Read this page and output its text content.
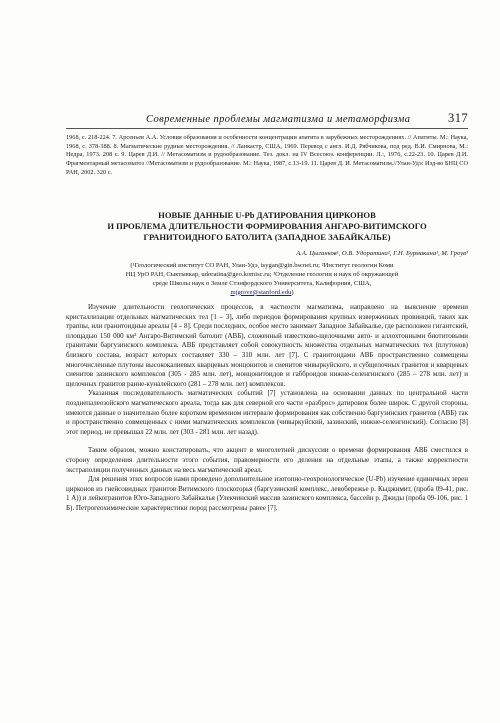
Современные проблемы магматизма и метаморфизма	317

1968, с. 218-224. 7. Арсеньев А.А. Условия образования и особенности концентрации апатита в зарубежных месторождениях. // Апатиты. М.: Наука, 1968, с. 378-388. 8. Магматические рудные месторождения. // Ланкастр, США, 1969. Перевод с англ. И.Д. Рябчикова, под ред. В.И. Смирнова, М.: Недра, 1973. 208 с. 9. Царев Д.И. // Метасоматизм и рудообразование. Тез. докл. на IV Всесоюз. конференции. Л.:, 1976, с.22-23. 10. Царев Д.И. Фрагментарный метасоматоз //Метасоматизм и рудообразование. М.: Наука, 1987, с.13-19. 11. Царев Д. И. Метасоматизм.//Улан-Удэ: Изд-во БНЦ СО РАН, 2002. 320 с.

НОВЫЕ ДАННЫЕ U-Pb ДАТИРОВАНИЯ ЦИРКОНОВ
И ПРОБЛЕМА ДЛИТЕЛЬНОСТИ ФОРМИРОВАНИЯ АНГАРО-ВИТИМСКОГО
ГРАНИТОИДНОГО БАТОЛИТА (ЗАПАДНОЕ ЗАБАЙКАЛЬЕ)
А.А. Цыганков¹, О.В. Удоратина², Г.Н. Бурмакина¹, М. Гроув³
(¹Геологический институт СО РАН, Улан-Удэ, tsygan@gin.bscnet.ru; ²Институт геологии Коми
НЦ УрО РАН, Сыктывкар, udoratina@geo.komisc.ru; ³Отделение геологии и наук об окружающей
среде Школы наук о Земле Стэнфордского Университета, Калифорния, США,
mjgrove@stanford.edu)

Изучение длительности геологических процессов, в частности магматизма, направлено на выяснение времени кристаллизации отдельных магматических тел [1 – 3], либо периодов формирования крупных изверженных провинций, таких как траппы, или гранитоидные ареалы [4 – 8]. Среди последних, особое место занимает Западное Забайкалье, где расположен гигантский, площадью 150 000 км² Ангаро-Витимский батолит (АВБ), сложенный известково-щелочными авто- и аллохтонными биотитовыми гранитами баргузинского комплекса. АВБ представляет собой совокупность множества отдельных магматических тел (плутонов) близкого состава, возраст которых составляет 330 – 310 млн. лет [7]. С гранитоидами АВБ пространственно совмещены многочисленные плутоны высококалиевых кварцевых монцонитов и сиенитов чивыркуйского, и субщелочных гранитов и кварцевых сиенитов зазинского комплексов (305 - 285 млн. лет), монцонитоидов и габброидов нижне-селенгинского (285 – 278 млн. лет) и щелочных гранитов ранне-куналейского (281 – 278 млн. лет) комплексов.

Указанная последовательность магматических событий [7] установлена на основании данных по центральной части позднепалеозойского магматического ареала, тогда как для северной его части «разброс» датировок более широк. С другой стороны, имеются данные о значительно более коротком временном интервале формирования как собственно баргузинских гранитов (АВБ) так и пространственно совмещенных с ними магматических комплексов (чивыркуйский, зазинский, нижне-селенгинский). Согласно [8] этот период, не превышал 22 млн. лет (303 - 281 млн. лет назад).

Таким образом, можно констатировать, что акцент в многолетней дискуссии о времени формирования АВБ сместился в сторону определения длительности этого события, правомерности его деления на отдельные этапы, а также корректности экстраполяции полученных данных на весь магматический ареал.

Для решения этих вопросов нами проведено дополнительное изотопно-геохронологическое (U-Pb) изучение единичных зерен цирконов из гнейсовидных гранитов Витимского плоскогорья (баргузинский комплекс, левобережье р. Кыджимит, (проба 09-41, рис. 1 А)) и лейкогранитов Юго-Западного Забайкалья (Улекчинский массив зазинского комплекса, бассейн р. Джиды (проба 09-106, рис. 1 Б). Петрогеохимические характеристики пород рассмотрены ранее [7].
